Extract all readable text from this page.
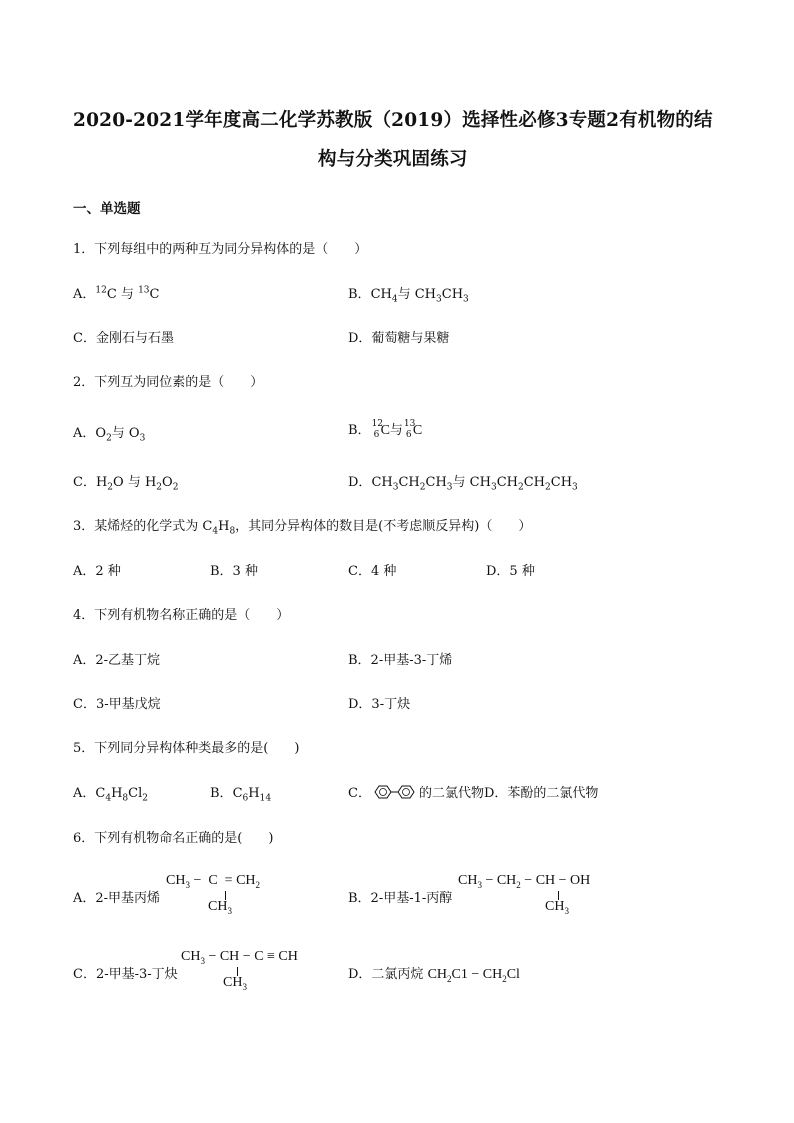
2020-2021学年度高二化学苏教版（2019）选择性必修3专题2有机物的结
构与分类巩固练习
一、单选题
1．下列每组中的两种互为同分异构体的是（　　）
A．$^{12}$C 与 $^{13}$C	B．$CH_4$与 $CH_3CH_3$
C．金刚石与石墨	D．葡萄糖与果糖
2．下列互为同位素的是（　　）
A．$O_2$与 $O_3$
B． 12
6 C与 13
6 C
C．$H_2O$ 与 $H_2O_2$	D．$CH_3CH_2CH_3$与 $CH_3CH_2CH_2CH_3$
3．某烯烃的化学式为 $C_4H_8$，其同分异构体的数目是(不考虑顺反异构)（　　）
A．2 种	B．3 种	C．4 种	D．5 种
4．下列有机物名称正确的是（　　）
A．2-乙基丁烷	B．2-甲基-3-丁烯
C．3-甲基戊烷	D．3-丁炔
5．下列同分异构体种类最多的是(　　)
A．$C_4H_8Cl_2$	B．$C_6H_{14}$	C．	的二氯代物D．苯酚的二氯代物
6．下列有机物命名正确的是(　　)
A．2-甲基丙烯
$CH_3 - C = CH_2$
$CH_3$
B．2-甲基-1-丙醇
$CH_3 - CH_2$ − CH − OH
$CH_3$
C．2-甲基-3-丁炔
$CH_3$ − CH − C ≡ CH
$CH_3$
D．二氯丙烷 $CH_2C1 - CH_2Cl$
